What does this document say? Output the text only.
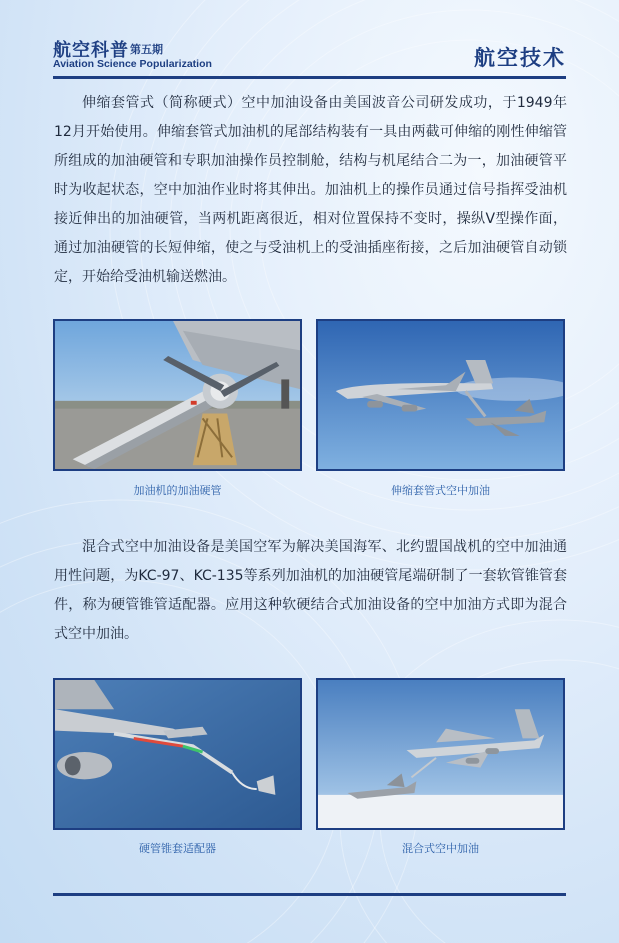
航空科普 第五期
Aviation Science Popularization	航空技术

伸缩套管式（简称硬式）空中加油设备由美国波音公司研发成功，于1949年12月开始使用。伸缩套管式加油机的尾部结构装有一具由两截可伸缩的刚性伸缩管所组成的加油硬管和专职加油操作员控制舱，结构与机尾结合二为一，加油硬管平时为收起状态，空中加油作业时将其伸出。加油机上的操作员通过信号指挥受油机接近伸出的加油硬管，当两机距离很近，相对位置保持不变时，操纵V型操作面，通过加油硬管的长短伸缩，使之与受油机上的受油插座衔接，之后加油硬管自动锁定，开始给受油机输送燃油。

加油机的加油硬管	伸缩套管式空中加油

混合式空中加油设备是美国空军为解决美国海军、北约盟国战机的空中加油通用性问题，为KC-97、KC-135等系列加油机的加油硬管尾端研制了一套软管锥管套件，称为硬管锥管适配器。应用这种软硬结合式加油设备的空中加油方式即为混合式空中加油。

硬管锥套适配器	混合式空中加油
